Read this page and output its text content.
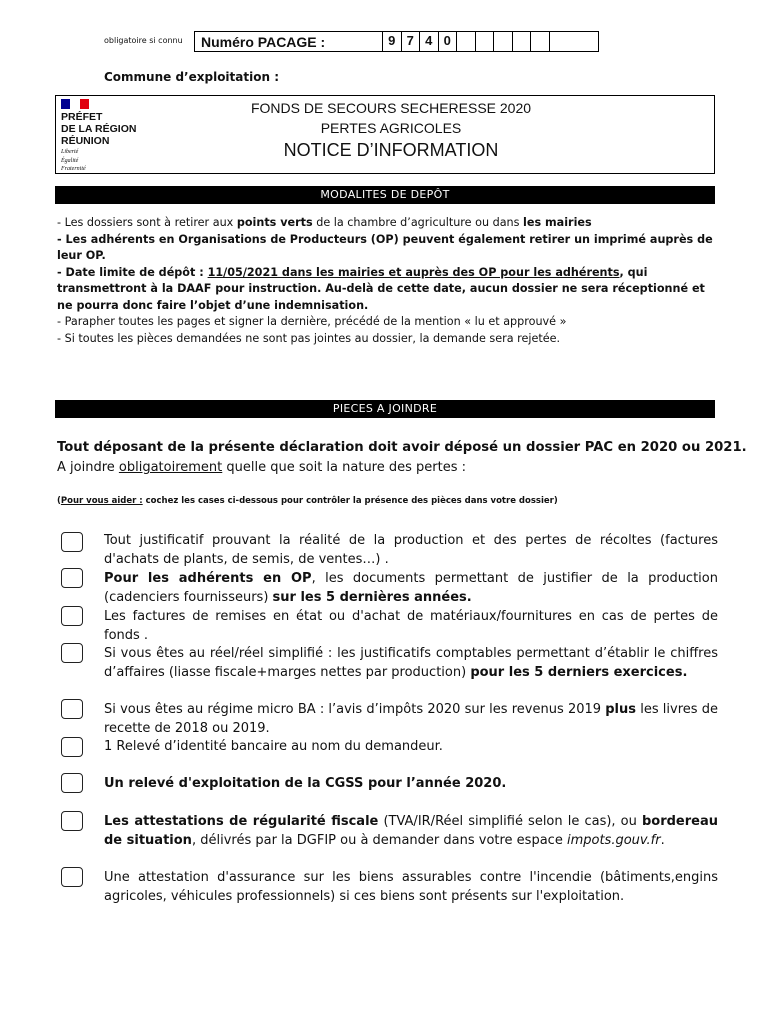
obligatoire si connu	Numéro PACAGE :	9 7 4 0
Commune d’exploitation :
PRÉFET
DE LA RÉGION
RÉUNION
Liberté
Égalité
Fraternité
FONDS DE SECOURS SECHERESSE 2020
PERTES AGRICOLES
NOTICE D’INFORMATION
MODALITES DE DEPÔT
- Les dossiers sont à retirer aux points verts de la chambre d’agriculture ou dans les mairies
- Les adhérents en Organisations de Producteurs (OP) peuvent également retirer un imprimé auprès de leur OP.
- Date limite de dépôt : 11/05/2021 dans les mairies et auprès des OP pour les adhérents, qui transmettront à la DAAF pour instruction. Au-delà de cette date, aucun dossier ne sera réceptionné et ne pourra donc faire l’objet d’une indemnisation.
- Parapher toutes les pages et signer la dernière, précédé de la mention « lu et approuvé »
- Si toutes les pièces demandées ne sont pas jointes au dossier, la demande sera rejetée.
PIECES A JOINDRE
Tout déposant de la présente déclaration doit avoir déposé un dossier PAC en 2020 ou 2021.
A joindre obligatoirement quelle que soit la nature des pertes :
(Pour vous aider : cochez les cases ci-dessous pour contrôler la présence des pièces dans votre dossier)
Tout justificatif prouvant la réalité de la production et des pertes de récoltes (factures d'achats de plants, de semis, de ventes…) .
Pour les adhérents en OP, les documents permettant de justifier de la production (cadenciers fournisseurs) sur les 5 dernières années.
Les factures de remises en état ou d'achat de matériaux/fournitures en cas de pertes de fonds .
Si vous êtes au réel/réel simplifié : les justificatifs comptables permettant d’établir le chiffres d’affaires (liasse fiscale+marges nettes par production) pour les 5 derniers exercices.
Si vous êtes au régime micro BA : l’avis d’impôts 2020 sur les revenus 2019 plus les livres de recette de 2018 ou 2019.
1 Relevé d’identité bancaire au nom du demandeur.
Un relevé d'exploitation de la CGSS pour l’année 2020.
Les attestations de régularité fiscale (TVA/IR/Réel simplifié selon le cas), ou bordereau de situation, délivrés par la DGFIP ou à demander dans votre espace impots.gouv.fr.
Une attestation d'assurance sur les biens assurables contre l'incendie (bâtiments,engins agricoles, véhicules professionnels) si ces biens sont présents sur l'exploitation.
